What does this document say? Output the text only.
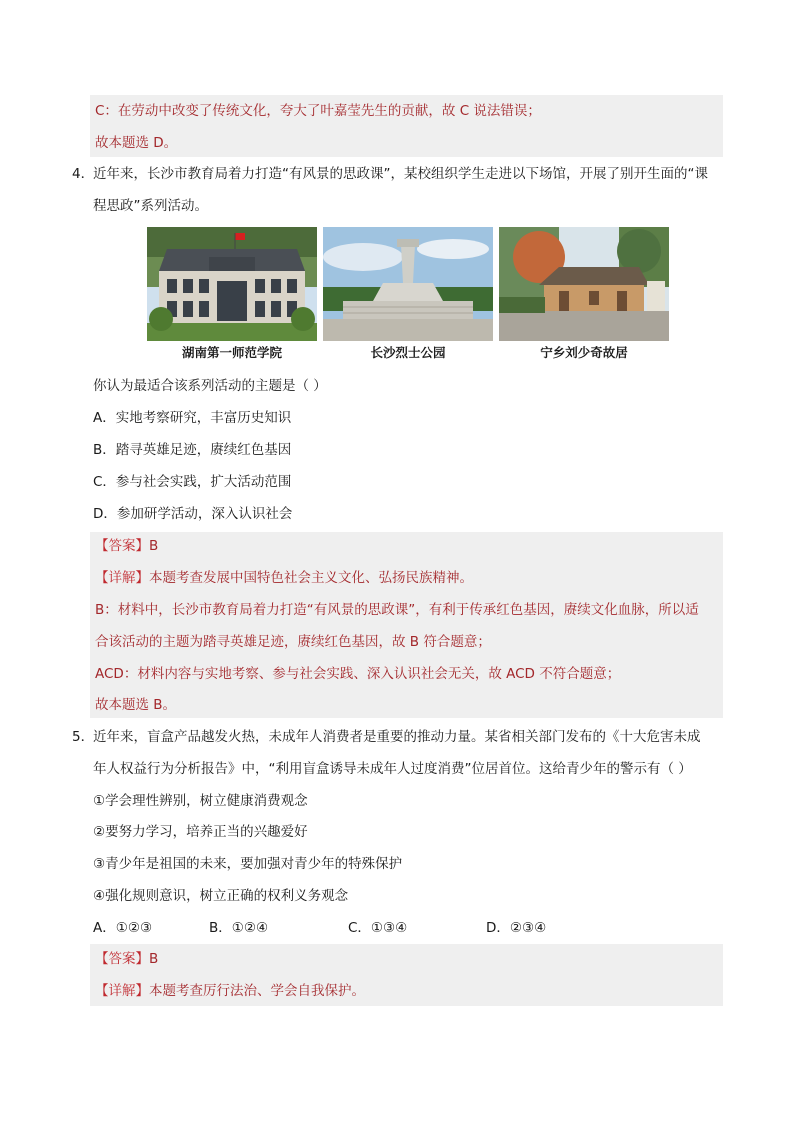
C：在劳动中改变了传统文化，夸大了叶嘉莹先生的贡献，故 C 说法错误；
故本题选 D。
4．
近年来，长沙市教育局着力打造“有风景的思政课”，某校组织学生走进以下场馆，开展了别开生面的“课
程思政”系列活动。
湖南第一师范学院	长沙烈士公园	宁乡刘少奇故居
你认为最适合该系列活动的主题是（ ）
A．实地考察研究，丰富历史知识
B．踏寻英雄足迹，赓续红色基因
C．参与社会实践，扩大活动范围
D．参加研学活动，深入认识社会
【答案】B
【详解】本题考查发展中国特色社会主义文化、弘扬民族精神。
B：材料中，长沙市教育局着力打造“有风景的思政课”，有利于传承红色基因，赓续文化血脉，所以适
合该活动的主题为踏寻英雄足迹，赓续红色基因，故 B 符合题意；
ACD：材料内容与实地考察、参与社会实践、深入认识社会无关，故 ACD 不符合题意；
故本题选 B。
5．
近年来，盲盒产品越发火热，未成年人消费者是重要的推动力量。某省相关部门发布的《十大危害未成
年人权益行为分析报告》中，“利用盲盒诱导未成年人过度消费”位居首位。这给青少年的警示有（ ）
①学会理性辨别，树立健康消费观念
②要努力学习，培养正当的兴趣爱好
③青少年是祖国的未来，要加强对青少年的特殊保护
④强化规则意识，树立正确的权利义务观念
A．①②③	B．①②④	C．①③④	D．②③④
【答案】B
【详解】本题考查厉行法治、学会自我保护。
